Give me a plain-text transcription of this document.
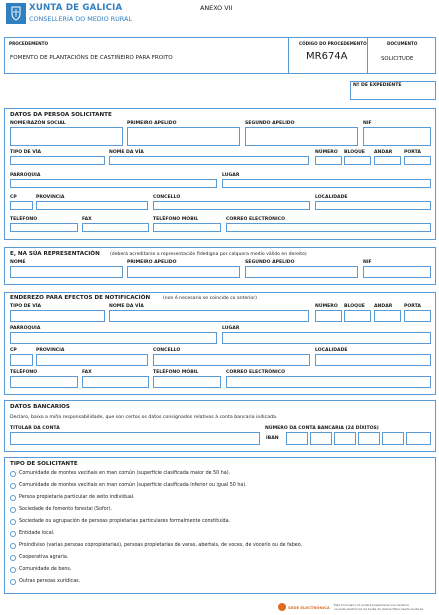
XUNTA DE GALICIA
CONSELLERÍA DO MEDIO RURAL
ANEXO VII
PROCEDEMENTO
FOMENTO DE PLANTACIÓNS DE CASTIÑEIRO PARA FROITO
CÓDIGO DO PROCEDEMENTO
MR674A
DOCUMENTO
SOLICITUDE
Nº DE EXPEDIENTE
DATOS DA PERSOA SOLICITANTE
NOME/RAZÓN SOCIAL	PRIMEIRO APELIDO	SEGUNDO APELIDO	NIF
TIPO DE VÍA	NOME DA VÍA	NÚMERO BLOQUE ANDAR	PORTA
PARROQUIA	LUGAR
CP	PROVINCIA	CONCELLO	LOCALIDADE
TELÉFONO	FAX	TELÉFONO MÓBIL	CORREO ELECTRÓNICO
E, NA SÚA REPRESENTACIÓN (deberá acreditarse a representación fidedigna por calquera medio válido en dereito)
NOME	PRIMEIRO APELIDO	SEGUNDO APELIDO	NIF
ENDEREZO PARA EFECTOS DE NOTIFICACIÓN	(non é necesario se coincide co anterior)
TIPO DE VÍA	NOME DA VÍA	NÚMERO BLOQUE ANDAR	PORTA
PARROQUIA	LUGAR
CP	PROVINCIA	CONCELLO	LOCALIDADE
TELÉFONO	FAX	TELÉFONO MÓBIL	CORREO ELECTRÓNICO
DATOS BANCARIOS
Declaro, baixo a miña responsabilidade, que son certos os datos consignados relativos á conta bancaria indicada.
TITULAR DA CONTA	NÚMERO DA CONTA BANCARIA (24 DÍXITOS)
IBAN
TIPO DE SOLICITANTE
Comunidade de montes veciñais en man común (superficie clasificada maior de 50 ha).
Comunidade de montes veciñais en man común (superficie clasificada inferior ou igual 50 ha).
Persoa propietaria particular de xeito individual.
Sociedade de fomento forestal (Sofor).
Sociedade ou agrupación de persoas propietarias particulares formalmente constituída.
Entidade local.
Proindiviso (varias persoas copropietarias), persoas propietarias de varas, abertais, de voces, de vocerío ou de fabeo.
Cooperativa agraria.
Comunidade de bens.
Outras persoas xurídicas.
SEDE ELECTRÓNICA Este formulario só poderá presentarse nos rexistros
na sede electrónica da Xunta de Galicia https://sede.xunta.es
